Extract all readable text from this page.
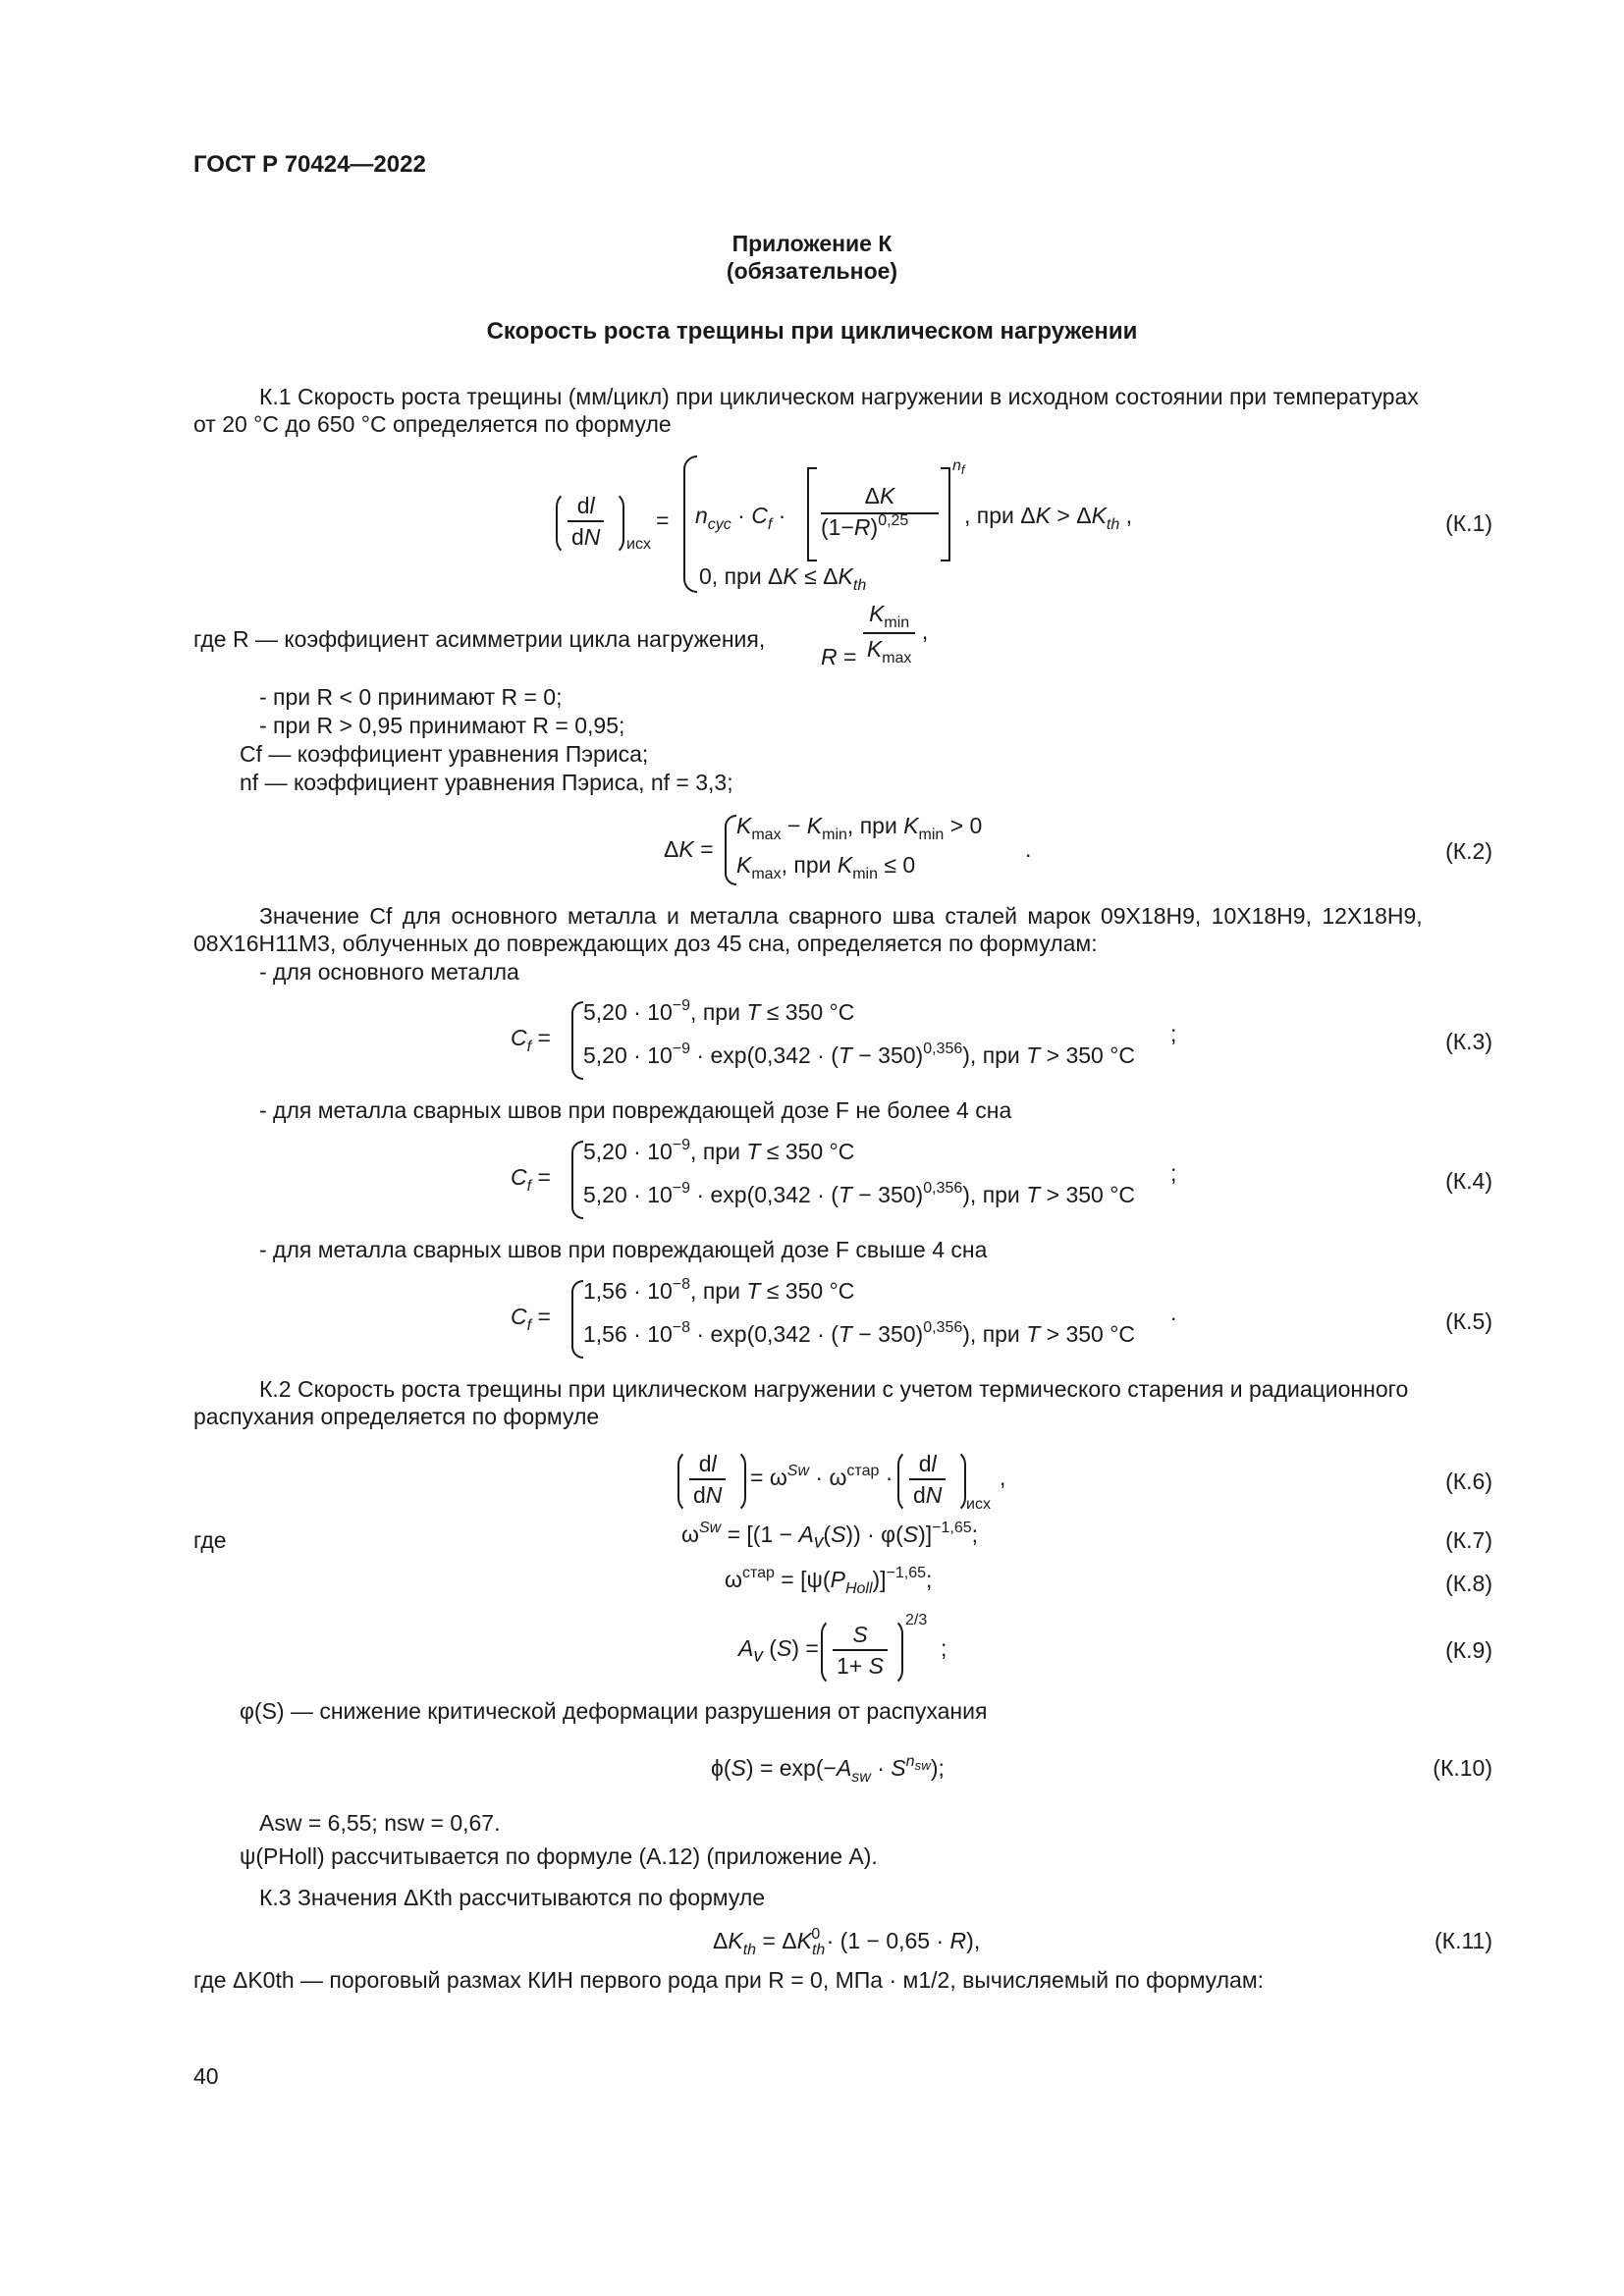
ГОСТ Р 70424—2022
Приложение К
(обязательное)
Скорость роста трещины при циклическом нагружении
К.1 Скорость роста трещины (мм/цикл) при циклическом нагружении в исходном состоянии при температурах
от 20 °С до 650 °С определяется по формуле
$\frac{dl}{dN}$ исх
= $n_{cyc} \cdot C_f$ ·
ΔK
$(1-R)^{0,25}$
$n_f$
, при $\Delta K > \Delta K_{th}$ ,
0, при $\Delta K \le \Delta K_{th}$
(К.1)
где R — коэффициент асимметрии цикла нагружения,
$R = \frac{K_{min}}{K_{max}}$ ,
- при R < 0 принимают R = 0;
- при R > 0,95 принимают R = 0,95;
Cf — коэффициент уравнения Пэриса;
nf — коэффициент уравнения Пэриса, nf = 3,3;
ΔK =
$K_{max} - K_{min}$, при $K_{min} > 0$
$K_{max}$, при $K_{min} \le 0$
.	(К.2)
Значение Cf для основного металла и металла сварного шва сталей марок 09Х18Н9, 10Х18Н9, 12Х18Н9,
08Х16Н11М3, облученных до повреждающих доз 45 сна, определяется по формулам:
- для основного металла
$C_f$ =
$5,20 \cdot 10^{-9}$, при T ≤ 350 °С
$5,20 \cdot 10^{-9} \cdot \exp(0,342 \cdot (T - 350)^{0,356})$, при T > 350 °С
;	(К.3)
- для металла сварных швов при повреждающей дозе F не более 4 сна
$C_f$ =
$5,20 \cdot 10^{-9}$, при T ≤ 350 °С
$5,20 \cdot 10^{-9} \cdot \exp(0,342 \cdot (T - 350)^{0,356})$, при T > 350 °С
;	(К.4)
- для металла сварных швов при повреждающей дозе F свыше 4 сна
$C_f$ =
$1,56 \cdot 10^{-8}$, при T ≤ 350 °С
$1,56 \cdot 10^{-8} \cdot \exp(0,342 \cdot (T - 350)^{0,356})$, при T > 350 °С
.	(К.5)
К.2 Скорость роста трещины при циклическом нагружении с учетом термического старения и радиационного
распухания определяется по формуле
$\frac{dl}{dN} = \omega^{Sw} \cdot \omega^{стар} \cdot \frac{dl}{dN}$ исх
,	(К.6)
где	$\omega^{Sw} = [(1 - A_v(S)) \cdot \varphi(S)]^{-1,65}$;	(К.7)
$\omega^{стар} = [\psi(P_{Holl})]^{-1,65}$;	(К.8)
$A_v$ $(S) = \frac{S}{1+ S} 2/3$
;	(К.9)
φ(S) — снижение критической деформации разрушения от распухания
$\phi(S) = \exp(-A_{sw} \cdot S^{n_{sw}})$;	(К.10)
Asw = 6,55; nsw = 0,67.
ψ(PHoll) рассчитывается по формуле (А.12) (приложение А).
К.3 Значения ΔKth рассчитываются по формуле
$\Delta K_{th} = \Delta K_{th}^0 \cdot (1 - 0,65 \cdot R)$,	(К.11)
где ΔK0th — пороговый размах КИН первого рода при R = 0, МПа · м1/2, вычисляемый по формулам:
40
